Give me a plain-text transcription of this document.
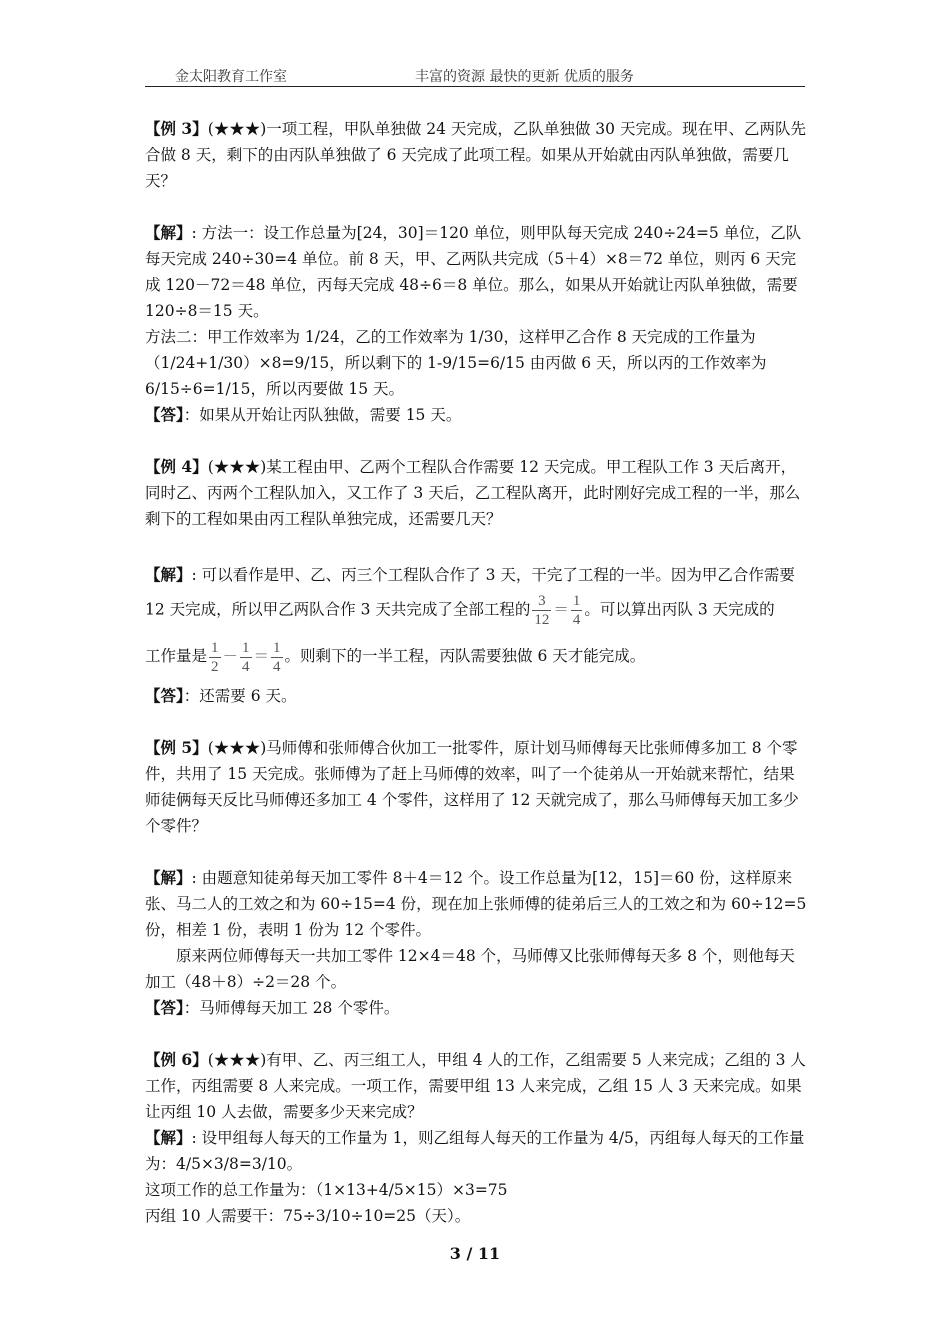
金太阳教育工作室	丰富的资源 最快的更新 优质的服务

【例 3】(★★★)一项工程，甲队单独做 24 天完成，乙队单独做 30 天完成。现在甲、乙两队先合做 8 天，剩下的由丙队单独做了 6 天完成了此项工程。如果从开始就由丙队单独做，需要几天？

【解】: 方法一：设工作总量为[24，30]＝120 单位，则甲队每天完成 240÷24=5 单位，乙队每天完成 240÷30=4 单位。前 8 天，甲、乙两队共完成（5＋4）×8＝72 单位，则丙 6 天完成 120－72＝48 单位，丙每天完成 48÷6＝8 单位。那么，如果从开始就让丙队单独做，需要 120÷8＝15 天。

方法二：甲工作效率为 1/24，乙的工作效率为 1/30，这样甲乙合作 8 天完成的工作量为（1/24+1/30）×8=9/15，所以剩下的 1-9/15=6/15 由丙做 6 天，所以丙的工作效率为 6/15÷6=1/15，所以丙要做 15 天。

【答】：如果从开始让丙队独做，需要 15 天。

【例 4】(★★★)某工程由甲、乙两个工程队合作需要 12 天完成。甲工程队工作 3 天后离开，同时乙、丙两个工程队加入，又工作了 3 天后，乙工程队离开，此时刚好完成工程的一半，那么剩下的工程如果由丙工程队单独完成，还需要几天？

【解】: 可以看作是甲、乙、丙三个工程队合作了 3 天，干完了工程的一半。因为甲乙合作需要 12 天完成，所以甲乙两队合作 3 天共完成了全部工程的 $\frac{3}{12} = \frac{1}{4}$ 。可以算出丙队 3 天完成的

工作量是 $\frac{1}{2} - \frac{1}{4} = \frac{1}{4}$ 。则剩下的一半工程，丙队需要独做 6 天才能完成。

【答】：还需要 6 天。

【例 5】(★★★)马师傅和张师傅合伙加工一批零件，原计划马师傅每天比张师傅多加工 8 个零件，共用了 15 天完成。张师傅为了赶上马师傅的效率，叫了一个徒弟从一开始就来帮忙，结果师徒俩每天反比马师傅还多加工 4 个零件，这样用了 12 天就完成了，那么马师傅每天加工多少个零件？

【解】: 由题意知徒弟每天加工零件 8＋4＝12 个。设工作总量为[12，15]＝60 份，这样原来张、马二人的工效之和为 60÷15=4 份，现在加上张师傅的徒弟后三人的工效之和为 60÷12=5 份，相差 1 份，表明 1 份为 12 个零件。

原来两位师傅每天一共加工零件 12×4＝48 个，马师傅又比张师傅每天多 8 个，则他每天加工（48＋8）÷2＝28 个。

【答】：马师傅每天加工 28 个零件。

【例 6】(★★★)有甲、乙、丙三组工人，甲组 4 人的工作，乙组需要 5 人来完成；乙组的 3 人工作，丙组需要 8 人来完成。一项工作，需要甲组 13 人来完成，乙组 15 人 3 天来完成。如果让丙组 10 人去做，需要多少天来完成？

【解】: 设甲组每人每天的工作量为 1，则乙组每人每天的工作量为 4/5，丙组每人每天的工作量为：4/5×3/8=3/10。

这项工作的总工作量为：（1×13+4/5×15）×3=75

丙组 10 人需要干：75÷3/10÷10=25（天）。

3 / 11
